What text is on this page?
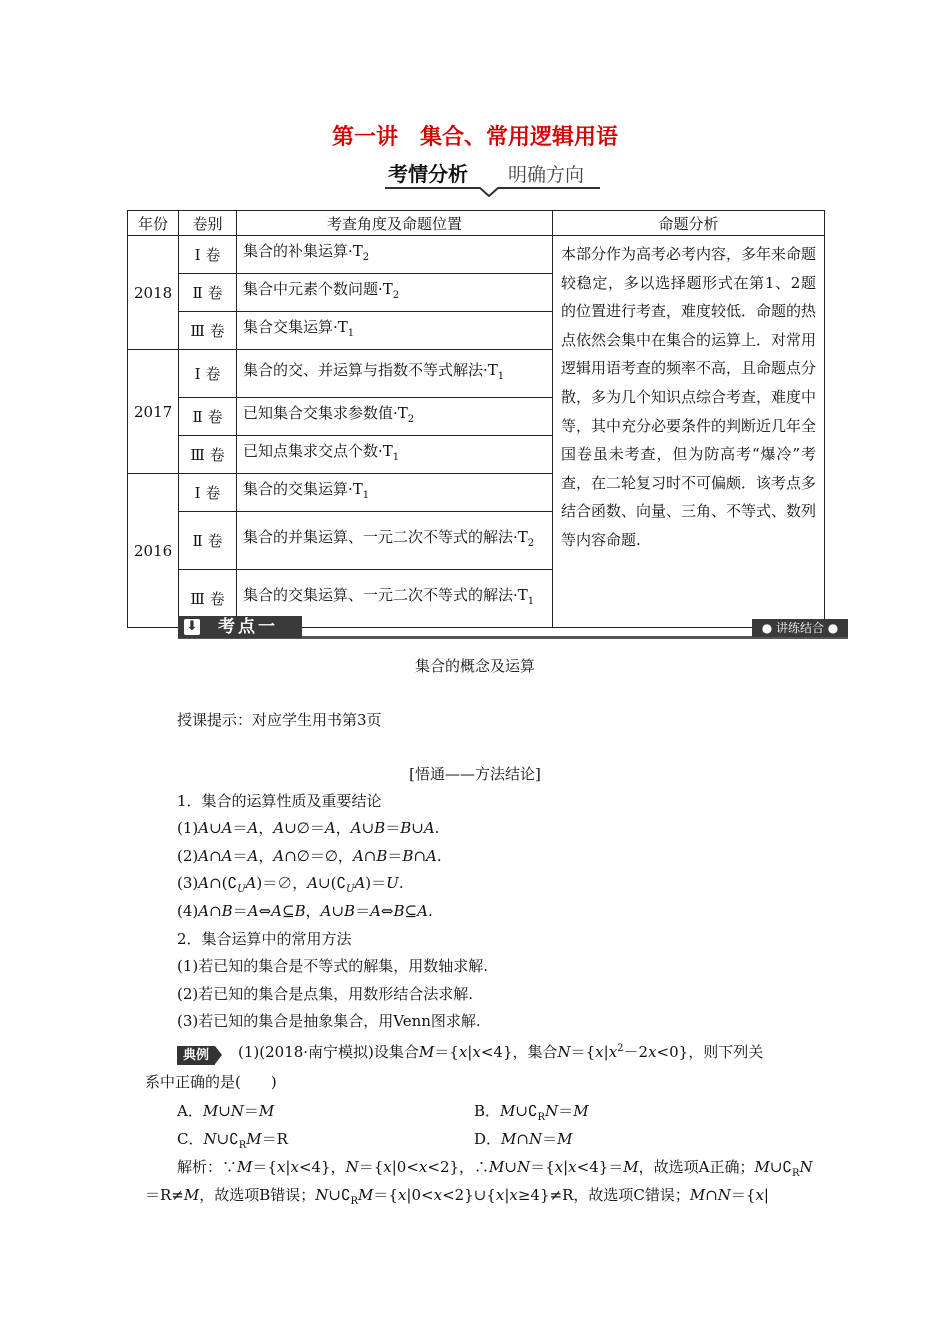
第一讲　集合、常用逻辑用语
考情分析 明确方向
年份	卷别	考查角度及命题位置	命题分析
2018	Ⅰ 卷	集合的补集运算$\cdot T_2$	本部分作为高考必考内容，多年来命题较稳定，多以选择题形式在第1、2题的位置进行考查，难度较低．命题的热点依然会集中在集合的运算上．对常用逻辑用语考查的频率不高，且命题点分散，多为几个知识点综合考查，难度中等，其中充分必要条件的判断近几年全国卷虽未考查，但为防高考“爆冷”考查，在二轮复习时不可偏颇．该考点多结合函数、向量、三角、不等式、数列等内容命题.
	Ⅱ 卷	集合中元素个数问题$\cdot T_2$
	Ⅲ 卷	集合交集运算$\cdot T_1$
2017	Ⅰ 卷	集合的交、并运算与指数不等式解法$\cdot T_1$
	Ⅱ 卷	已知集合交集求参数值$\cdot T_2$
	Ⅲ 卷	已知点集求交点个数$\cdot T_1$
2016	Ⅰ 卷	集合的交集运算$\cdot T_1$
	Ⅱ 卷	集合的并集运算、一元二次不等式的解法$\cdot T_2$
	Ⅲ 卷	集合的交集运算、一元二次不等式的解法$\cdot T_1$
⬇ 考点一	● 讲练结合 ●
集合的概念及运算
授课提示：对应学生用书第3页
[悟通——方法结论]
1．集合的运算性质及重要结论
(1)A∪A＝A，A∪∅＝A，A∪B＝B∪A.
(2)A∩A＝A，A∩∅＝∅，A∩B＝B∩A.
$(3)A\cap(∁_UA)=\emptyset$，$A\cup(∁_UA)=U$.
(4)A∩B＝A⇔A⊆B，A∪B＝A⇔B⊆A.
2．集合运算中的常用方法
(1)若已知的集合是不等式的解集，用数轴求解.
(2)若已知的集合是点集，用数形结合法求解.
(3)若已知的集合是抽象集合，用Venn图求解.
典例　 (1)(2018·南宁模拟)设集合M＝{x|x<4}，集合$N=\{x|x^2-2x<0\}$，则下列关
系中正确的是(　　)
A．M∪N＝M	B．$M\cup∁_RN=M$
C．$N\cup∁_RM=R$	D．M∩N＝M
解析：∵M＝{x|x<4}，N＝{x|0<x<2}，∴M∪N＝{x|x<4}＝M，故选项A正确；$M\cup∁_RN$
＝R≠M，故选项B错误；$N\cup∁_RM=\{x|0<x<2\}\cup\{x|x\ge 4\}\ne R$，故选项C错误；M∩N＝{x|
